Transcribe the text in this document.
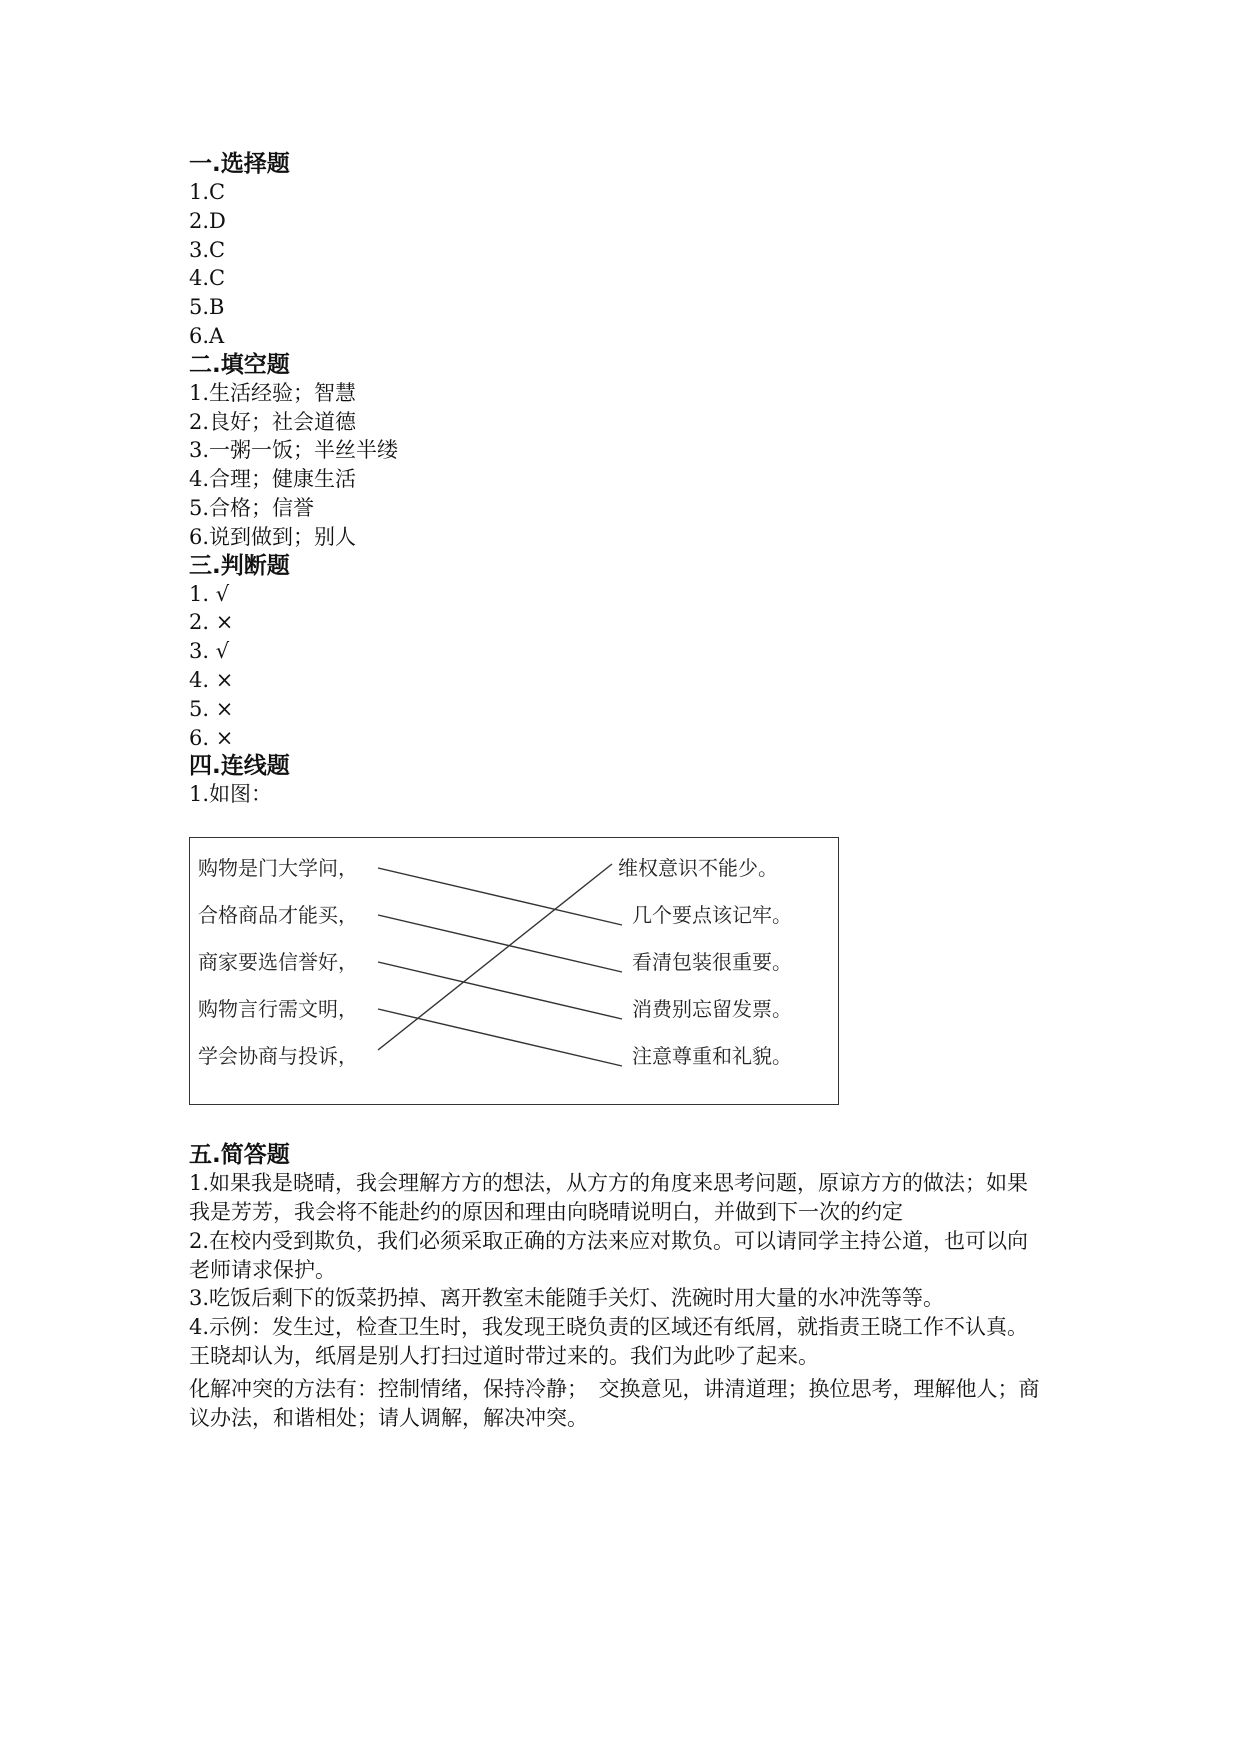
一.选择题
1.C
2.D
3.C
4.C
5.B
6.A
二.填空题
1.生活经验；智慧
2.良好；社会道德
3.一粥一饭；半丝半缕
4.合理；健康生活
5.合格；信誉
6.说到做到；别人
三.判断题
1. √
2. ×
3. √
4. ×
5. ×
6. ×
四.连线题
1.如图：
购物是门大学问，
合格商品才能买，
商家要选信誉好，
购物言行需文明，
学会协商与投诉，
维权意识不能少。
几个要点该记牢。
看清包装很重要。
消费别忘留发票。
注意尊重和礼貌。
五.简答题
1.如果我是晓晴，我会理解方方的想法，从方方的角度来思考问题，原谅方方的做法；如果我是芳芳，我会将不能赴约的原因和理由向晓晴说明白，并做到下一次的约定
2.在校内受到欺负，我们必须采取正确的方法来应对欺负。可以请同学主持公道，也可以向老师请求保护。
3.吃饭后剩下的饭菜扔掉、离开教室未能随手关灯、洗碗时用大量的水冲洗等等。
4.示例：发生过，检查卫生时，我发现王晓负责的区域还有纸屑，就指责王晓工作不认真。王晓却认为，纸屑是别人打扫过道时带过来的。我们为此吵了起来。
化解冲突的方法有：控制情绪，保持冷静；　交换意见，讲清道理；换位思考，理解他人；商议办法，和谐相处；请人调解，解决冲突。
